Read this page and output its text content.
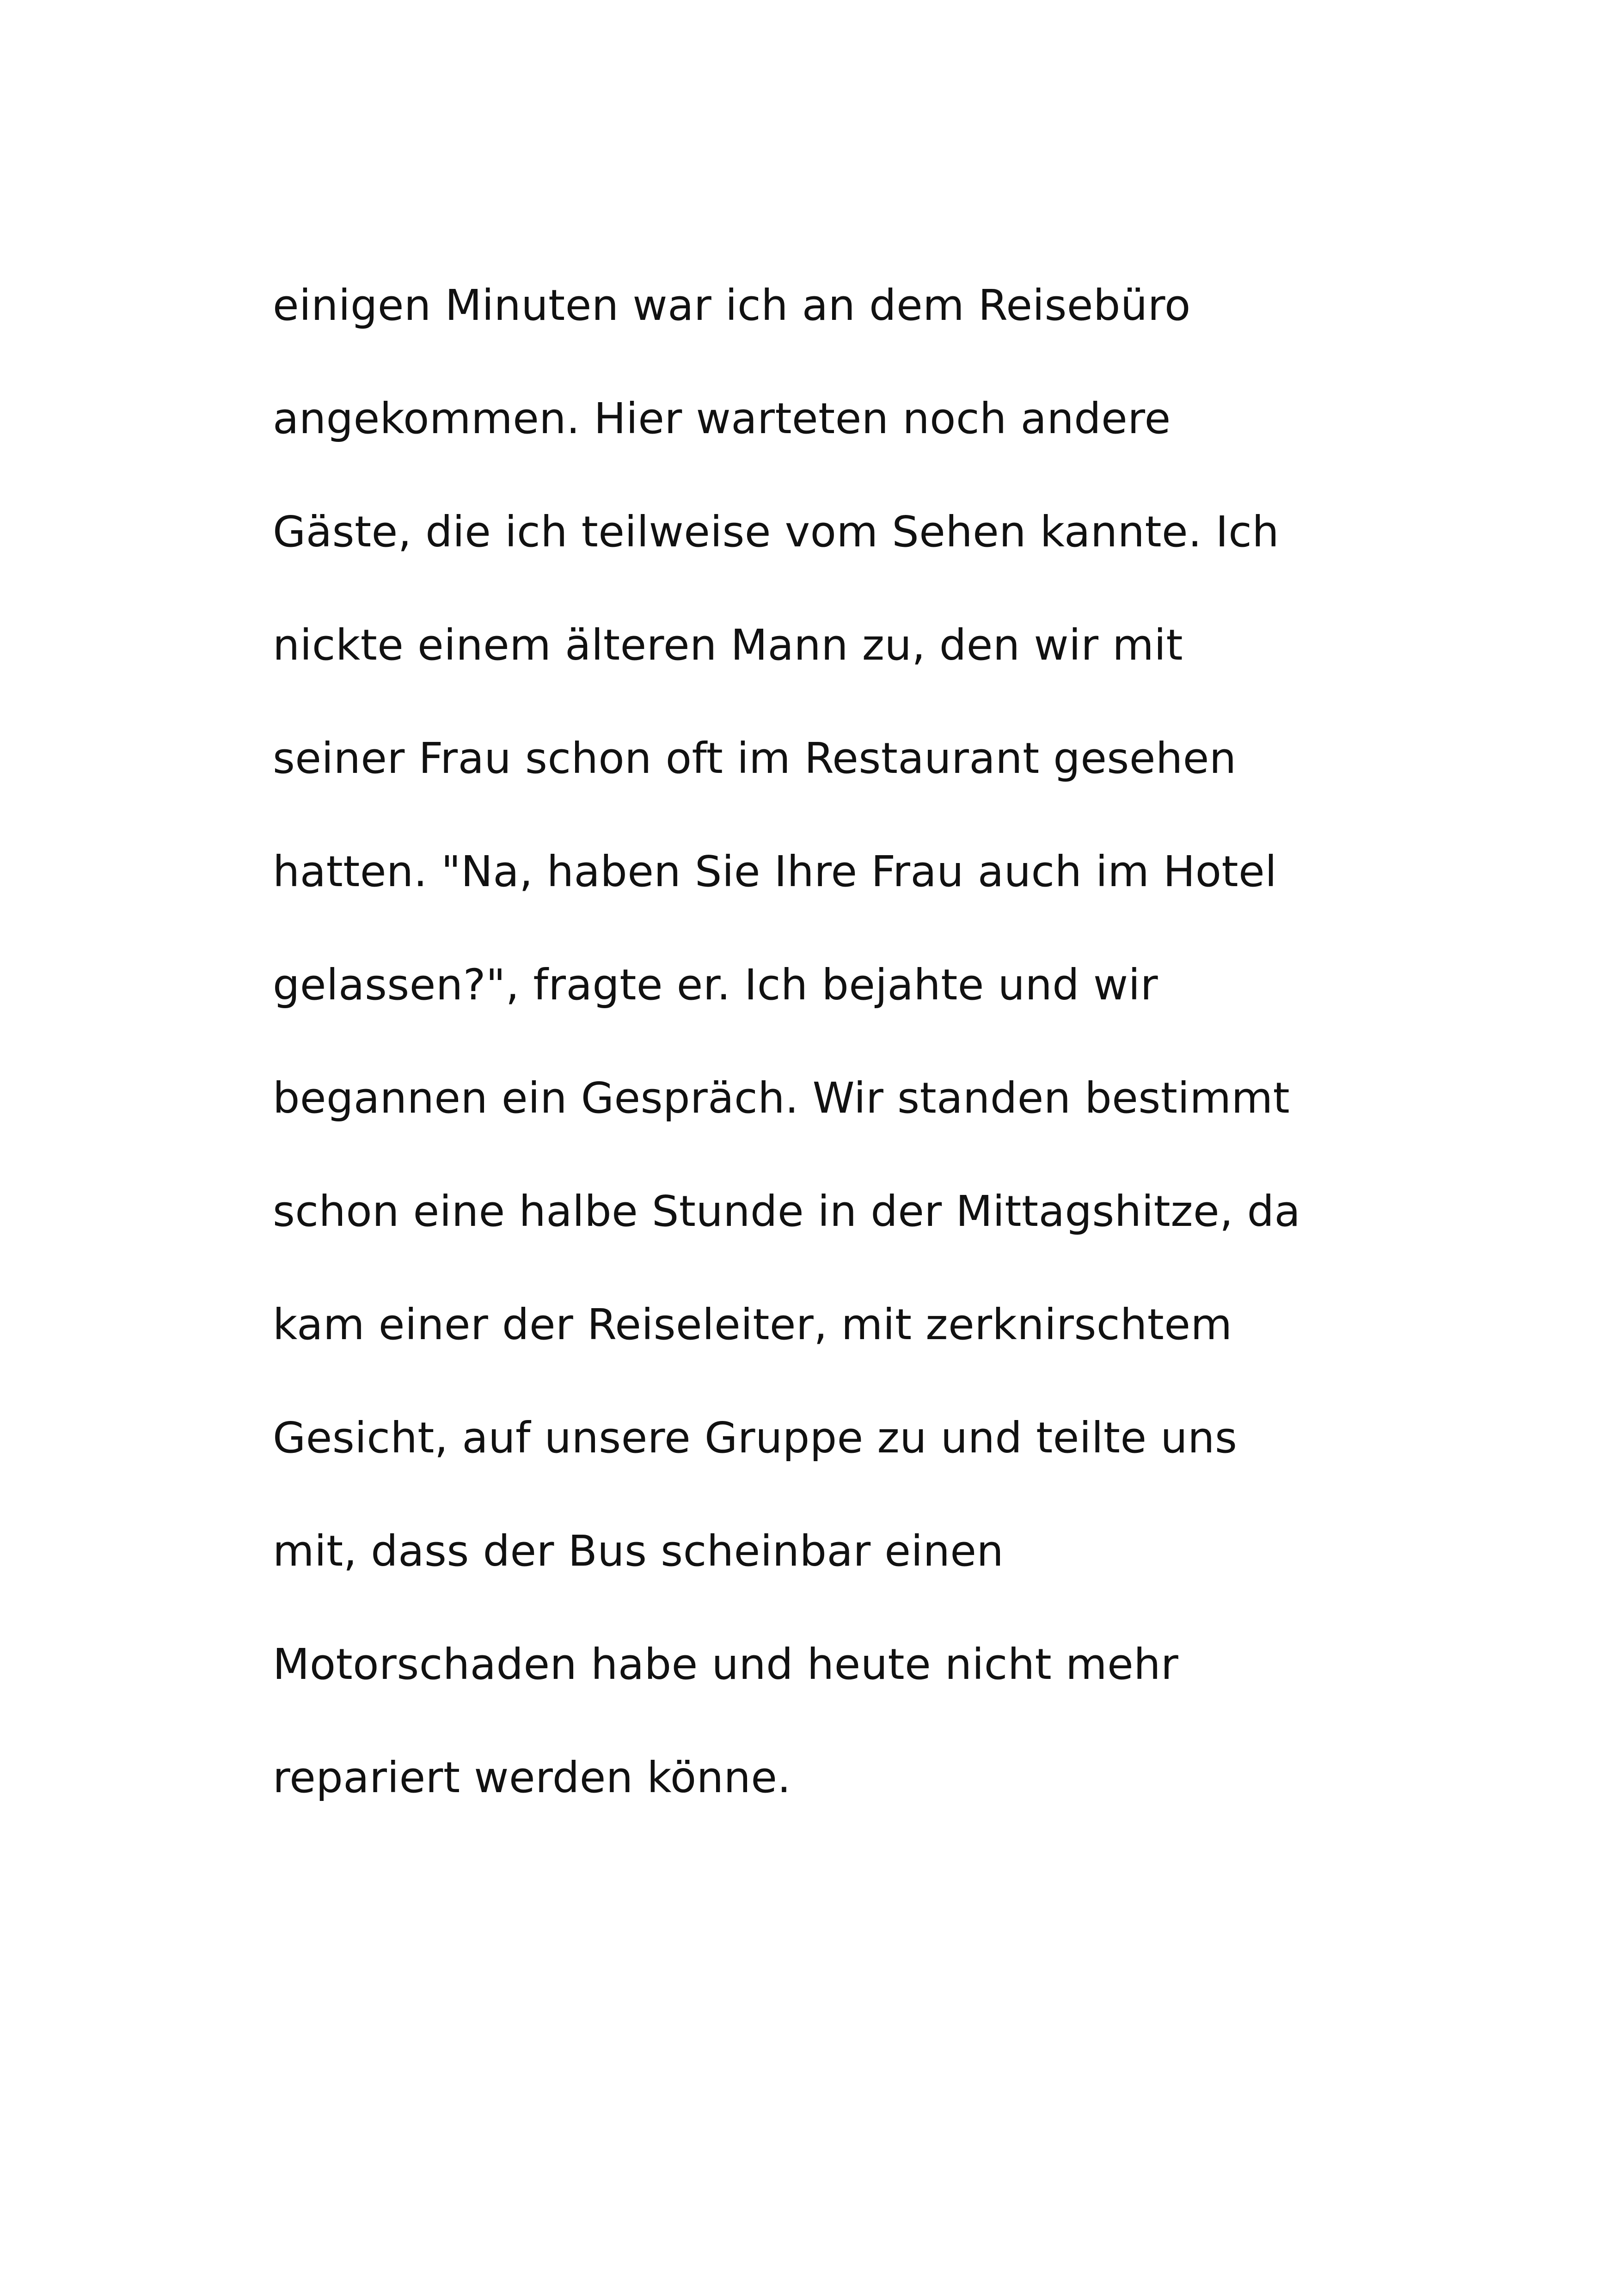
einigen Minuten war ich an dem Reisebüro
angekommen. Hier warteten noch andere
Gäste, die ich teilweise vom Sehen kannte. Ich
nickte einem älteren Mann zu, den wir mit
seiner Frau schon oft im Restaurant gesehen
hatten. "Na, haben Sie Ihre Frau auch im Hotel
gelassen?", fragte er. Ich bejahte und wir
begannen ein Gespräch. Wir standen bestimmt
schon eine halbe Stunde in der Mittagshitze, da
kam einer der Reiseleiter, mit zerknirschtem
Gesicht, auf unsere Gruppe zu und teilte uns
mit, dass der Bus scheinbar einen
Motorschaden habe und heute nicht mehr
repariert werden könne.
